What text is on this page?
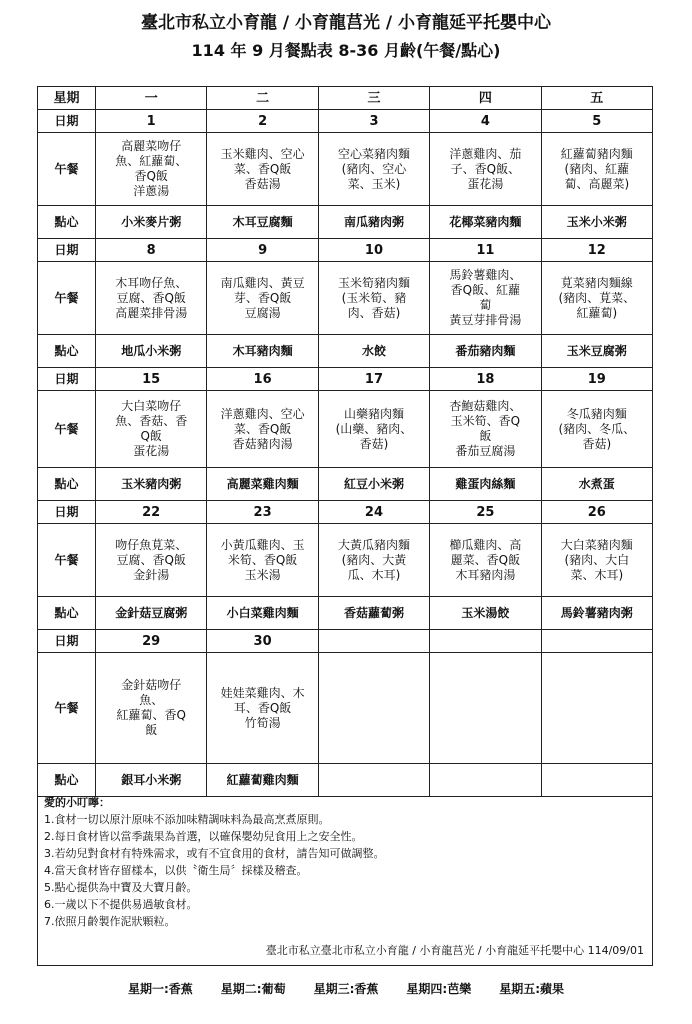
臺北市私立小育龍 / 小育龍莒光 / 小育龍延平托嬰中心
114 年 9 月餐點表 8-36 月齡(午餐/點心)
星期	一	二	三	四	五
日期	1	2	3	4	5
午餐	高麗菜吻仔
魚、紅蘿蔔、
香Q飯
洋蔥湯	玉米雞肉、空心
菜、香Q飯
香菇湯	空心菜豬肉麵
(豬肉、空心
菜、玉米)	洋蔥雞肉、茄
子、香Q飯、
蛋花湯	紅蘿蔔豬肉麵
(豬肉、紅蘿
蔔、高麗菜)
點心	小米麥片粥	木耳豆腐麵	南瓜豬肉粥	花椰菜豬肉麵	玉米小米粥
日期	8	9	10	11	12
午餐	木耳吻仔魚、
豆腐、香Q飯
高麗菜排骨湯	南瓜雞肉、黃豆
芽、香Q飯
豆腐湯	玉米筍豬肉麵
(玉米筍、豬
肉、香菇)	馬鈴薯雞肉、
香Q飯、紅蘿
蔔
黃豆芽排骨湯	莧菜豬肉麵線
(豬肉、莧菜、
紅蘿蔔)
點心	地瓜小米粥	木耳豬肉麵	水餃	番茄豬肉麵	玉米豆腐粥
日期	15	16	17	18	19
午餐	大白菜吻仔
魚、香菇、香
Q飯
蛋花湯	洋蔥雞肉、空心
菜、香Q飯
香菇豬肉湯	山藥豬肉麵
(山藥、豬肉、
香菇)	杏鮑菇雞肉、
玉米筍、香Q
飯
番茄豆腐湯	冬瓜豬肉麵
(豬肉、冬瓜、
香菇)
點心	玉米豬肉粥	高麗菜雞肉麵	紅豆小米粥	雞蛋肉絲麵	水煮蛋
日期	22	23	24	25	26
午餐	吻仔魚莧菜、
豆腐、香Q飯
金針湯	小黃瓜雞肉、玉
米筍、香Q飯
玉米湯	大黃瓜豬肉麵
(豬肉、大黃
瓜、木耳)	櫛瓜雞肉、高
麗菜、香Q飯
木耳豬肉湯	大白菜豬肉麵
(豬肉、大白
菜、木耳)
點心	金針菇豆腐粥	小白菜雞肉麵	香菇蘿蔔粥	玉米湯餃	馬鈴薯豬肉粥
日期	29	30			
午餐	金針菇吻仔
魚、
紅蘿蔔、香Q
飯	娃娃菜雞肉、木
耳、香Q飯
竹筍湯			
點心	銀耳小米粥	紅蘿蔔雞肉麵			
愛的小叮嚀：
1.食材一切以原汁原味不添加味精調味料為最高烹煮原則。
2.每日食材皆以當季蔬果為首選，以確保嬰幼兒食用上之安全性。
3.若幼兒對食材有特殊需求，或有不宜食用的食材，請告知可做調整。
4.當天食材皆存留樣本，以供〝衛生局〞採樣及稽查。
5.點心提供為中寶及大寶月齡。
6.一歲以下不提供易過敏食材。
7.依照月齡製作泥狀顆粒。
臺北市私立臺北市私立小育龍 / 小育龍莒光 / 小育龍延平托嬰中心 114/09/01
星期一:香蕉 星期二:葡萄 星期三:香蕉 星期四:芭樂 星期五:蘋果
